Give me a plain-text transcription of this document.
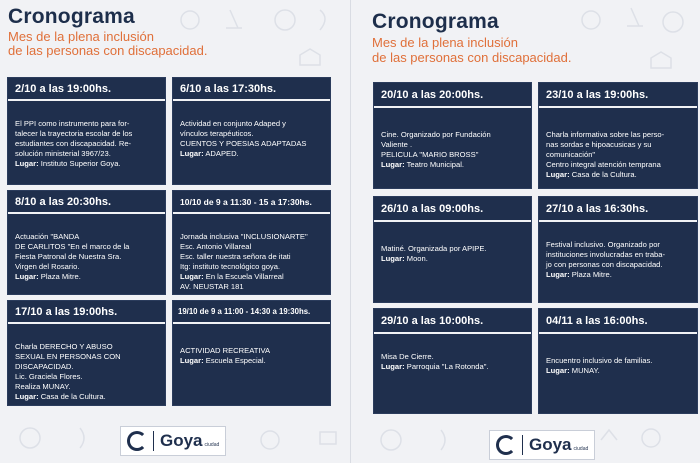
Cronograma
Mes de la plena inclusión
de las personas con discapacidad.
2/10 a las 19:00hs.

El PPI como instrumento para for-
talecer la trayectoria escolar de los
estudiantes con discapacidad. Re-
solución ministerial 3967/23.

Lugar: Instituto Superior Goya.

6/10 a las 17:30hs.

Actividad en conjunto Adaped y
vínculos terapéuticos.
CUENTOS Y POESIAS ADAPTADAS

Lugar: ADAPED.

8/10 a las 20:30hs.

Actuación "BANDA
DE CARLITOS "En el marco de la
Fiesta Patronal de Nuestra Sra.
Virgen del Rosario.

Lugar: Plaza Mitre.

10/10 de 9 a 11:30 - 15 a 17:30hs.

Jornada inclusiva "INCLUSIONARTE"
Esc. Antonio Villareal
Esc. taller nuestra señora de itati
Itg: instituto tecnológico goya.

Lugar: En la Escuela Villarreal
AV. NEUSTAR 181

17/10 a las 19:00hs.

Charla DERECHO Y ABUSO
SEXUAL EN PERSONAS CON
DISCAPACIDAD.
Lic. Graciela Flores.
Realiza MUNAY.

Lugar: Casa de la Cultura.

19/10 de 9 a 11:00 - 14:30 a 19:30hs.

ACTIVIDAD RECREATIVA

Lugar: Escuela Especial.

Goya ciudad
Cronograma
Mes de la plena inclusión
de las personas con discapacidad.
20/10 a las 20:00hs.

Cine. Organizado por Fundación
Valiente .
PELICULA "MARIO BROSS"

Lugar: Teatro Municipal.

23/10 a las 19:00hs.

Charla informativa sobre las perso-
nas sordas e hipoacusicas y su
comunicación"
Centro integral atención temprana

Lugar: Casa de la Cultura.

26/10 a las 09:00hs.

Matiné. Organizada por APIPE.

Lugar: Moon.

27/10 a las 16:30hs.

Festival inclusivo. Organizado por
instituciones involucradas en traba-
jo con personas con discapacidad.

Lugar: Plaza Mitre.

29/10 a las 10:00hs.

Misa De Cierre.

Lugar: Parroquia "La Rotonda".

04/11 a las 16:00hs.

Encuentro inclusivo de familias.

Lugar: MUNAY.

Goya ciudad
